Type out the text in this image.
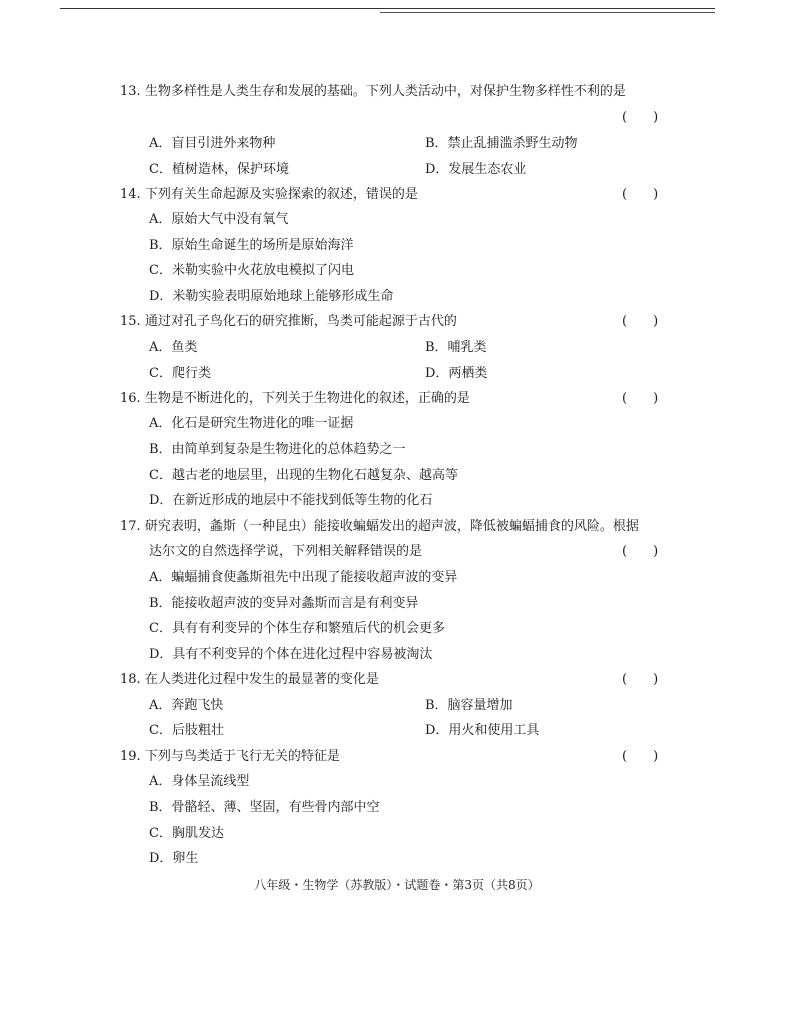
13. 生物多样性是人类生存和发展的基础。下列人类活动中，对保护生物多样性不利的是
(　　)
A．盲目引进外来物种	B．禁止乱捕滥杀野生动物
C．植树造林，保护环境	D．发展生态农业
14. 下列有关生命起源及实验探索的叙述，错误的是	(　　)
A．原始大气中没有氧气
B．原始生命诞生的场所是原始海洋
C．米勒实验中火花放电模拟了闪电
D．米勒实验表明原始地球上能够形成生命
15. 通过对孔子鸟化石的研究推断，鸟类可能起源于古代的	(　　)
A．鱼类	B．哺乳类
C．爬行类	D．两栖类
16. 生物是不断进化的，下列关于生物进化的叙述，正确的是	(　　)
A．化石是研究生物进化的唯一证据
B．由简单到复杂是生物进化的总体趋势之一
C．越古老的地层里，出现的生物化石越复杂、越高等
D．在新近形成的地层中不能找到低等生物的化石
17. 研究表明，螽斯（一种昆虫）能接收蝙蝠发出的超声波，降低被蝙蝠捕食的风险。根据
达尔文的自然选择学说，下列相关解释错误的是	(　　)
A．蝙蝠捕食使螽斯祖先中出现了能接收超声波的变异
B．能接收超声波的变异对螽斯而言是有利变异
C．具有有利变异的个体生存和繁殖后代的机会更多
D．具有不利变异的个体在进化过程中容易被淘汰
18. 在人类进化过程中发生的最显著的变化是	(　　)
A．奔跑飞快	B．脑容量增加
C．后肢粗壮	D．用火和使用工具
19. 下列与鸟类适于飞行无关的特征是	(　　)
A．身体呈流线型
B．骨骼轻、薄、坚固，有些骨内部中空
C．胸肌发达
D．卵生
八年级・生物学（苏教版）・试题卷・第3页（共8页）
